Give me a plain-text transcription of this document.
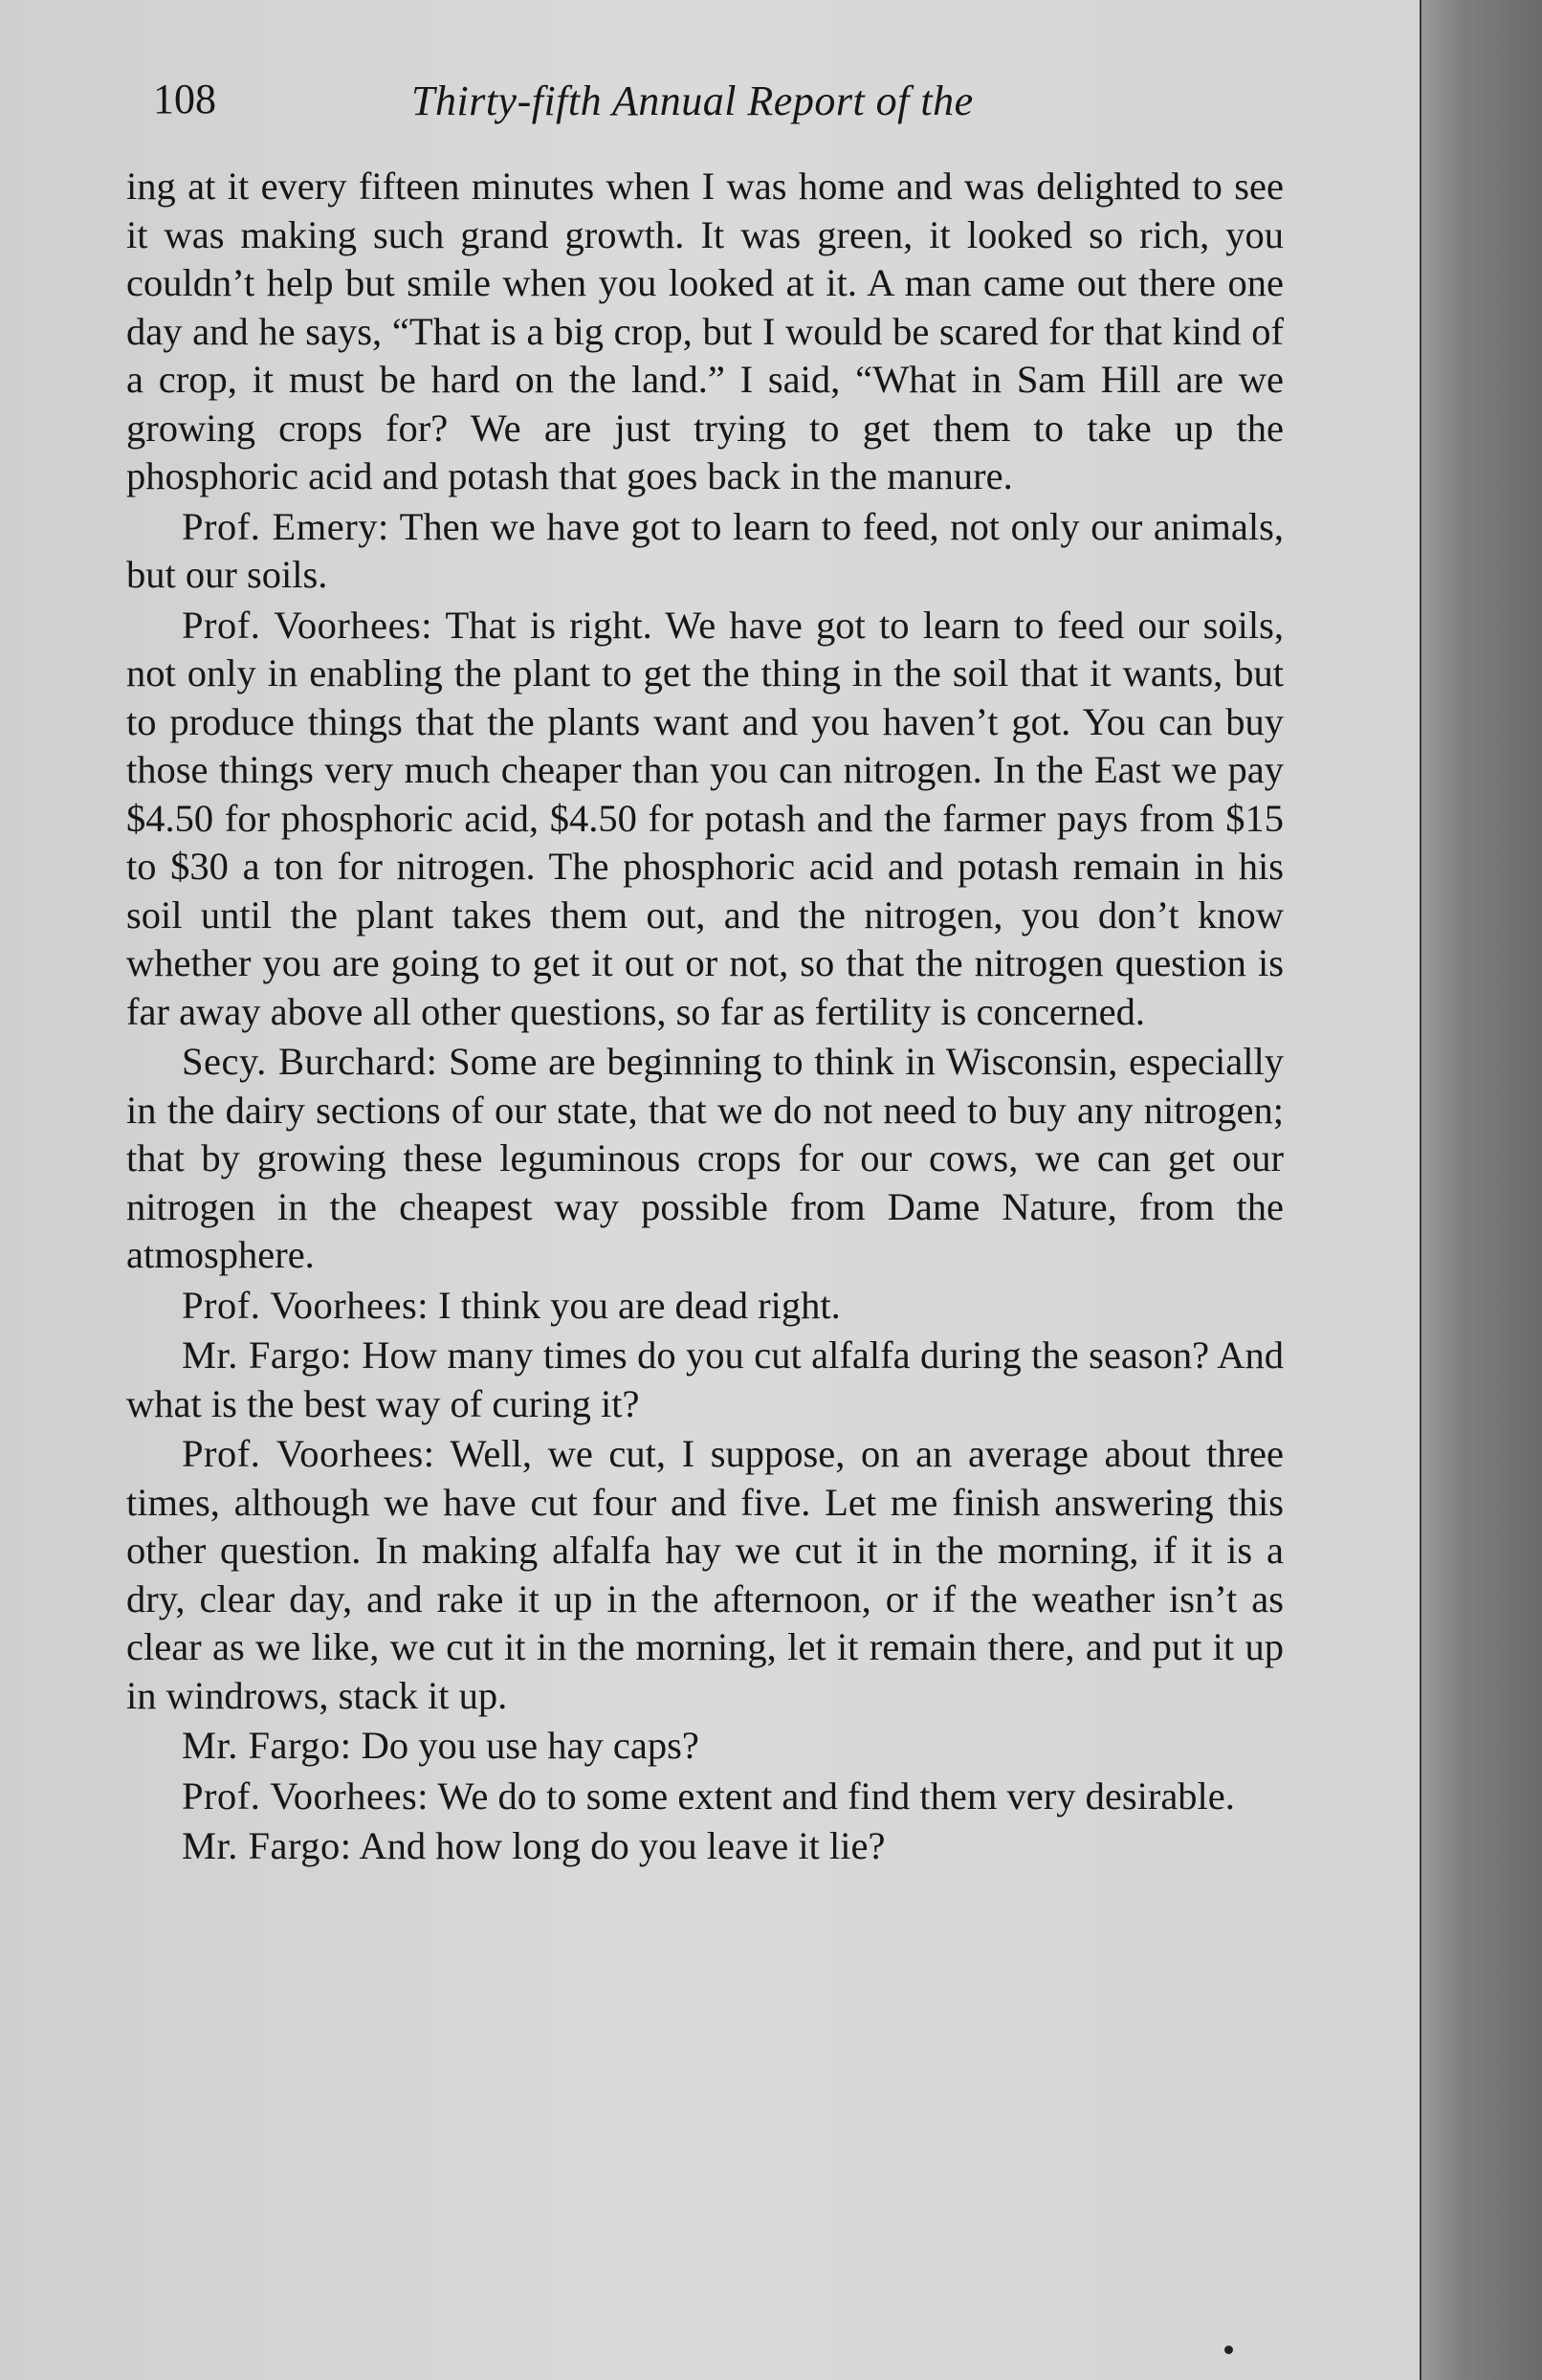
108	Thirty-fifth Annual Report of the

ing at it every fifteen minutes when I was home and was delighted to see it was making such grand growth. It was green, it looked so rich, you couldn’t help but smile when you looked at it. A man came out there one day and he says, “That is a big crop, but I would be scared for that kind of a crop, it must be hard on the land.” I said, “What in Sam Hill are we growing crops for? We are just trying to get them to take up the phosphoric acid and potash that goes back in the manure.

Prof. Emery: Then we have got to learn to feed, not only our animals, but our soils.

Prof. Voorhees: That is right. We have got to learn to feed our soils, not only in enabling the plant to get the thing in the soil that it wants, but to produce things that the plants want and you haven’t got. You can buy those things very much cheaper than you can nitrogen. In the East we pay $4.50 for phosphoric acid, $4.50 for potash and the farmer pays from $15 to $30 a ton for nitrogen. The phosphoric acid and potash remain in his soil until the plant takes them out, and the nitrogen, you don’t know whether you are going to get it out or not, so that the nitrogen question is far away above all other questions, so far as fertility is concerned.

Secy. Burchard: Some are beginning to think in Wisconsin, especially in the dairy sections of our state, that we do not need to buy any nitrogen; that by growing these leguminous crops for our cows, we can get our nitrogen in the cheapest way possible from Dame Nature, from the atmosphere.

Prof. Voorhees: I think you are dead right.

Mr. Fargo: How many times do you cut alfalfa during the season? And what is the best way of curing it?

Prof. Voorhees: Well, we cut, I suppose, on an average about three times, although we have cut four and five. Let me finish answering this other question. In making alfalfa hay we cut it in the morning, if it is a dry, clear day, and rake it up in the afternoon, or if the weather isn’t as clear as we like, we cut it in the morning, let it remain there, and put it up in windrows, stack it up.

Mr. Fargo: Do you use hay caps?

Prof. Voorhees: We do to some extent and find them very desirable.

Mr. Fargo: And how long do you leave it lie?
